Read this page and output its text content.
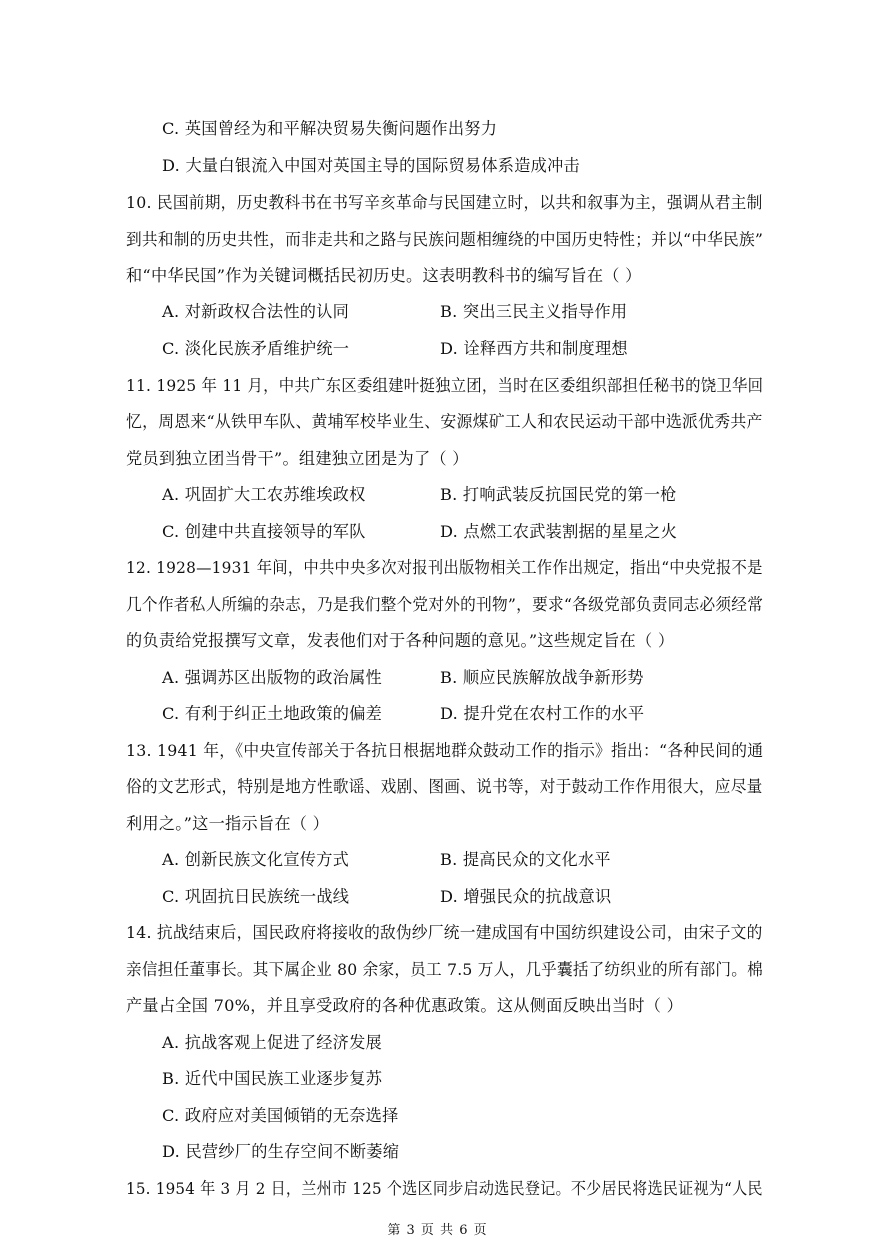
C. 英国曾经为和平解决贸易失衡问题作出努力
D. 大量白银流入中国对英国主导的国际贸易体系造成冲击
10. 民国前期，历史教科书在书写辛亥革命与民国建立时，以共和叙事为主，强调从君主制
到共和制的历史共性，而非走共和之路与民族问题相缠绕的中国历史特性；并以“中华民族”
和“中华民国”作为关键词概括民初历史。这表明教科书的编写旨在（ ）
A. 对新政权合法性的认同	B. 突出三民主义指导作用
C. 淡化民族矛盾维护统一	D. 诠释西方共和制度理想
11. 1925 年 11 月，中共广东区委组建叶挺独立团，当时在区委组织部担任秘书的饶卫华回
忆，周恩来“从铁甲车队、黄埔军校毕业生、安源煤矿工人和农民运动干部中选派优秀共产
党员到独立团当骨干”。组建独立团是为了（ ）
A. 巩固扩大工农苏维埃政权	B. 打响武装反抗国民党的第一枪
C. 创建中共直接领导的军队	D. 点燃工农武装割据的星星之火
12. 1928—1931 年间，中共中央多次对报刊出版物相关工作作出规定，指出“中央党报不是
几个作者私人所编的杂志，乃是我们整个党对外的刊物”，要求“各级党部负责同志必须经常
的负责给党报撰写文章，发表他们对于各种问题的意见。”这些规定旨在（ ）
A. 强调苏区出版物的政治属性	B. 顺应民族解放战争新形势
C. 有利于纠正土地政策的偏差	D. 提升党在农村工作的水平
13. 1941 年，《中央宣传部关于各抗日根据地群众鼓动工作的指示》指出：“各种民间的通
俗的文艺形式，特别是地方性歌谣、戏剧、图画、说书等，对于鼓动工作作用很大，应尽量
利用之。”这一指示旨在（ ）
A. 创新民族文化宣传方式	B. 提高民众的文化水平
C. 巩固抗日民族统一战线	D. 增强民众的抗战意识
14. 抗战结束后，国民政府将接收的敌伪纱厂统一建成国有中国纺织建设公司，由宋子文的
亲信担任董事长。其下属企业 80 余家，员工 7.5 万人，几乎囊括了纺织业的所有部门。棉
产量占全国 70%，并且享受政府的各种优惠政策。这从侧面反映出当时（ ）
A. 抗战客观上促进了经济发展
B. 近代中国民族工业逐步复苏
C. 政府应对美国倾销的无奈选择
D. 民营纱厂的生存空间不断萎缩
15. 1954 年 3 月 2 日，兰州市 125 个选区同步启动选民登记。不少居民将选民证视为“人民
第 3 页 共 6 页
